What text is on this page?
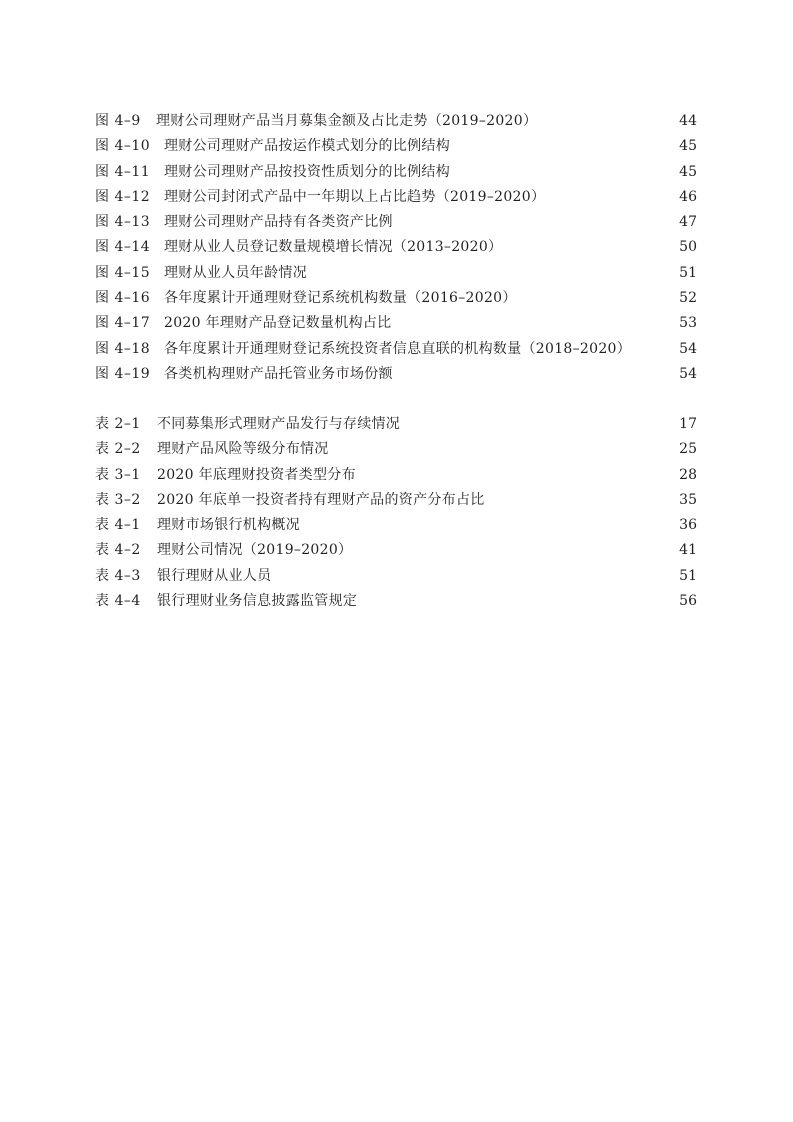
图 4–9	理财公司理财产品当月募集金额及占比走势（2019–2020）	44
图 4–10 理财公司理财产品按运作模式划分的比例结构	45
图 4–11 理财公司理财产品按投资性质划分的比例结构	45
图 4–12 理财公司封闭式产品中一年期以上占比趋势（2019–2020）	46
图 4–13 理财公司理财产品持有各类资产比例	47
图 4–14 理财从业人员登记数量规模增长情况（2013–2020）	50
图 4–15 理财从业人员年龄情况	51
图 4–16 各年度累计开通理财登记系统机构数量（2016–2020）	52
图 4–17 2020 年理财产品登记数量机构占比	53
图 4–18 各年度累计开通理财登记系统投资者信息直联的机构数量（2018–2020）	54
图 4–19 各类机构理财产品托管业务市场份额	54
表 2–1	不同募集形式理财产品发行与存续情况	17
表 2–2	理财产品风险等级分布情况	25
表 3–1	2020 年底理财投资者类型分布	28
表 3–2	2020 年底单一投资者持有理财产品的资产分布占比	35
表 4–1	理财市场银行机构概况	36
表 4–2	理财公司情况（2019–2020）	41
表 4–3	银行理财从业人员	51
表 4–4	银行理财业务信息披露监管规定	56
